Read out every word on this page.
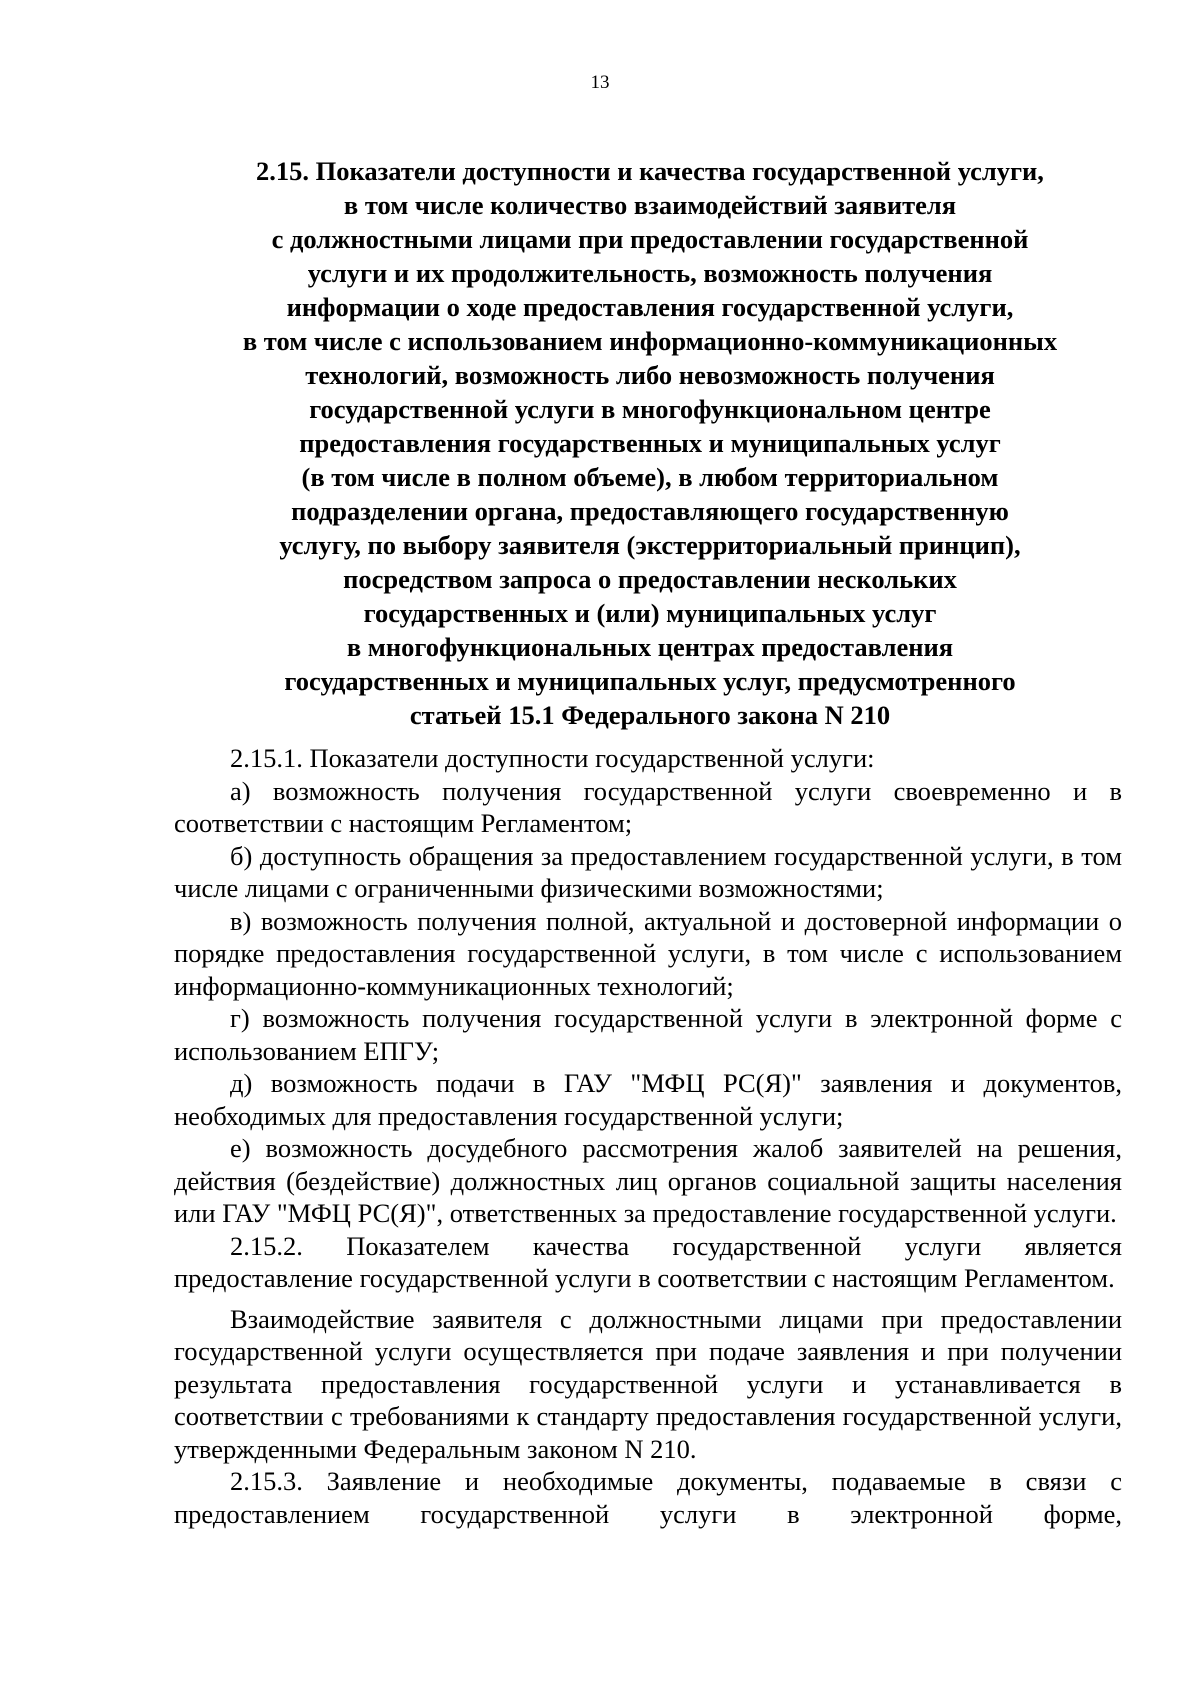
13
2.15. Показатели доступности и качества государственной услуги,
в том числе количество взаимодействий заявителя
с должностными лицами при предоставлении государственной
услуги и их продолжительность, возможность получения
информации о ходе предоставления государственной услуги,
в том числе с использованием информационно-коммуникационных
технологий, возможность либо невозможность получения
государственной услуги в многофункциональном центре
предоставления государственных и муниципальных услуг
(в том числе в полном объеме), в любом территориальном
подразделении органа, предоставляющего государственную
услугу, по выбору заявителя (экстерриториальный принцип),
посредством запроса о предоставлении нескольких
государственных и (или) муниципальных услуг
в многофункциональных центрах предоставления
государственных и муниципальных услуг, предусмотренного
статьей 15.1 Федерального закона N 210

2.15.1. Показатели доступности государственной услуги:

а) возможность получения государственной услуги своевременно и в соответствии с настоящим Регламентом;

б) доступность обращения за предоставлением государственной услуги, в том числе лицами с ограниченными физическими возможностями;

в) возможность получения полной, актуальной и достоверной информации о порядке предоставления государственной услуги, в том числе с использованием информационно-коммуникационных технологий;

г) возможность получения государственной услуги в электронной форме с использованием ЕПГУ;

д) возможность подачи в ГАУ "МФЦ РС(Я)" заявления и документов, необходимых для предоставления государственной услуги;

е) возможность досудебного рассмотрения жалоб заявителей на решения, действия (бездействие) должностных лиц органов социальной защиты населения или ГАУ "МФЦ РС(Я)", ответственных за предоставление государственной услуги.

2.15.2. Показателем качества государственной услуги является предоставление государственной услуги в соответствии с настоящим Регламентом.

Взаимодействие заявителя с должностными лицами при предоставлении государственной услуги осуществляется при подаче заявления и при получении результата предоставления государственной услуги и устанавливается в соответствии с требованиями к стандарту предоставления государственной услуги, утвержденными Федеральным законом N 210.

2.15.3. Заявление и необходимые документы, подаваемые в связи с предоставлением государственной услуги в электронной форме,
